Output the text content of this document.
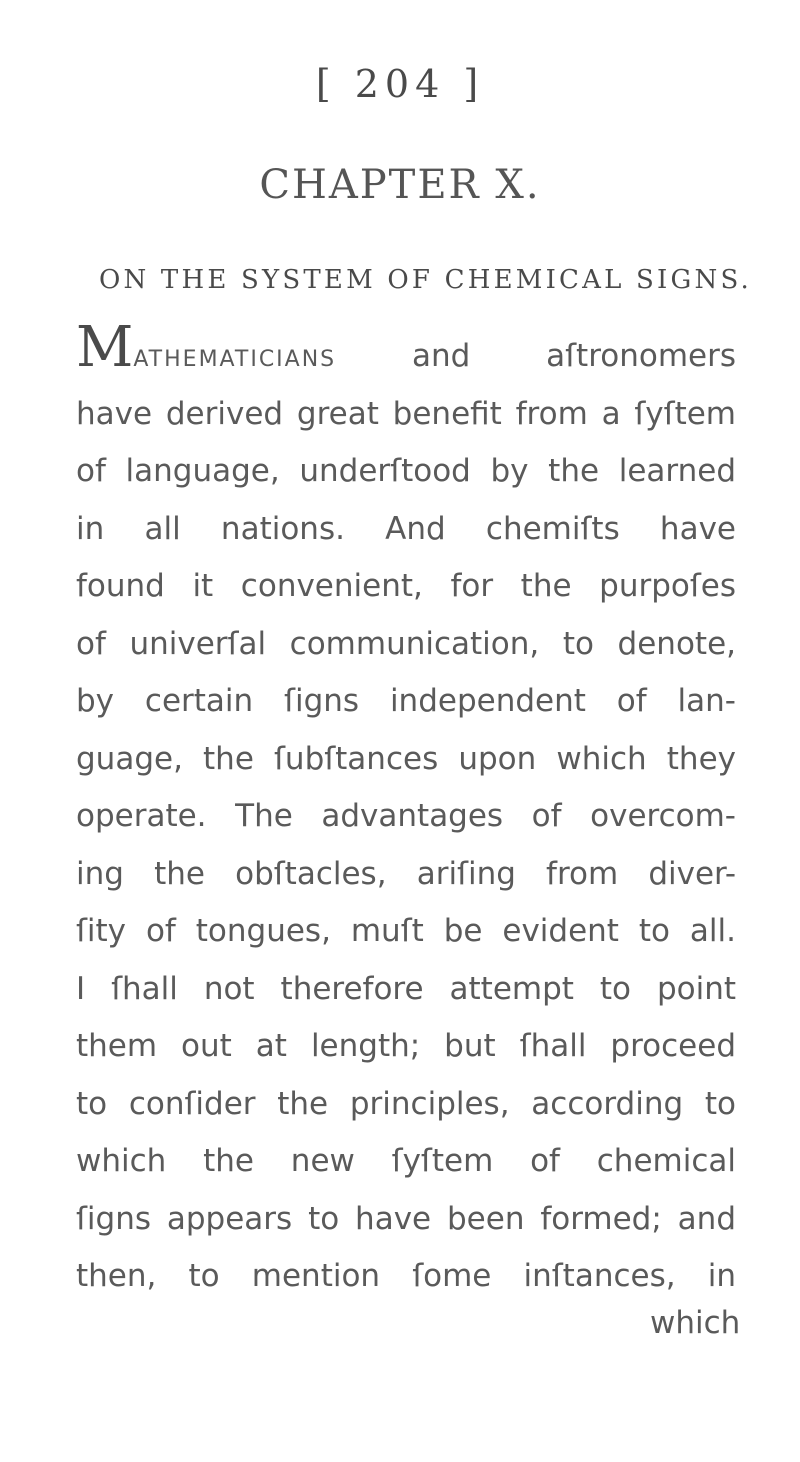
[ 204 ]
CHAPTER X.
ON THE SYSTEM OF CHEMICAL SIGNS.
Mathematicians and aſtronomers
have derived great benefit from a ſyſtem
of language, underſtood by the learned
in all nations. And chemiſts have
found it convenient, for the purpoſes
of univerſal communication, to denote,
by certain ſigns independent of lan-
guage, the ſubſtances upon which they
operate. The advantages of overcom-
ing the obſtacles, ariſing from diver-
ſity of tongues, muſt be evident to all.
I ſhall not therefore attempt to point
them out at length; but ſhall proceed
to conſider the principles, according to
which the new ſyſtem of chemical
ſigns appears to have been formed; and
then, to mention ſome inſtances, in
which
